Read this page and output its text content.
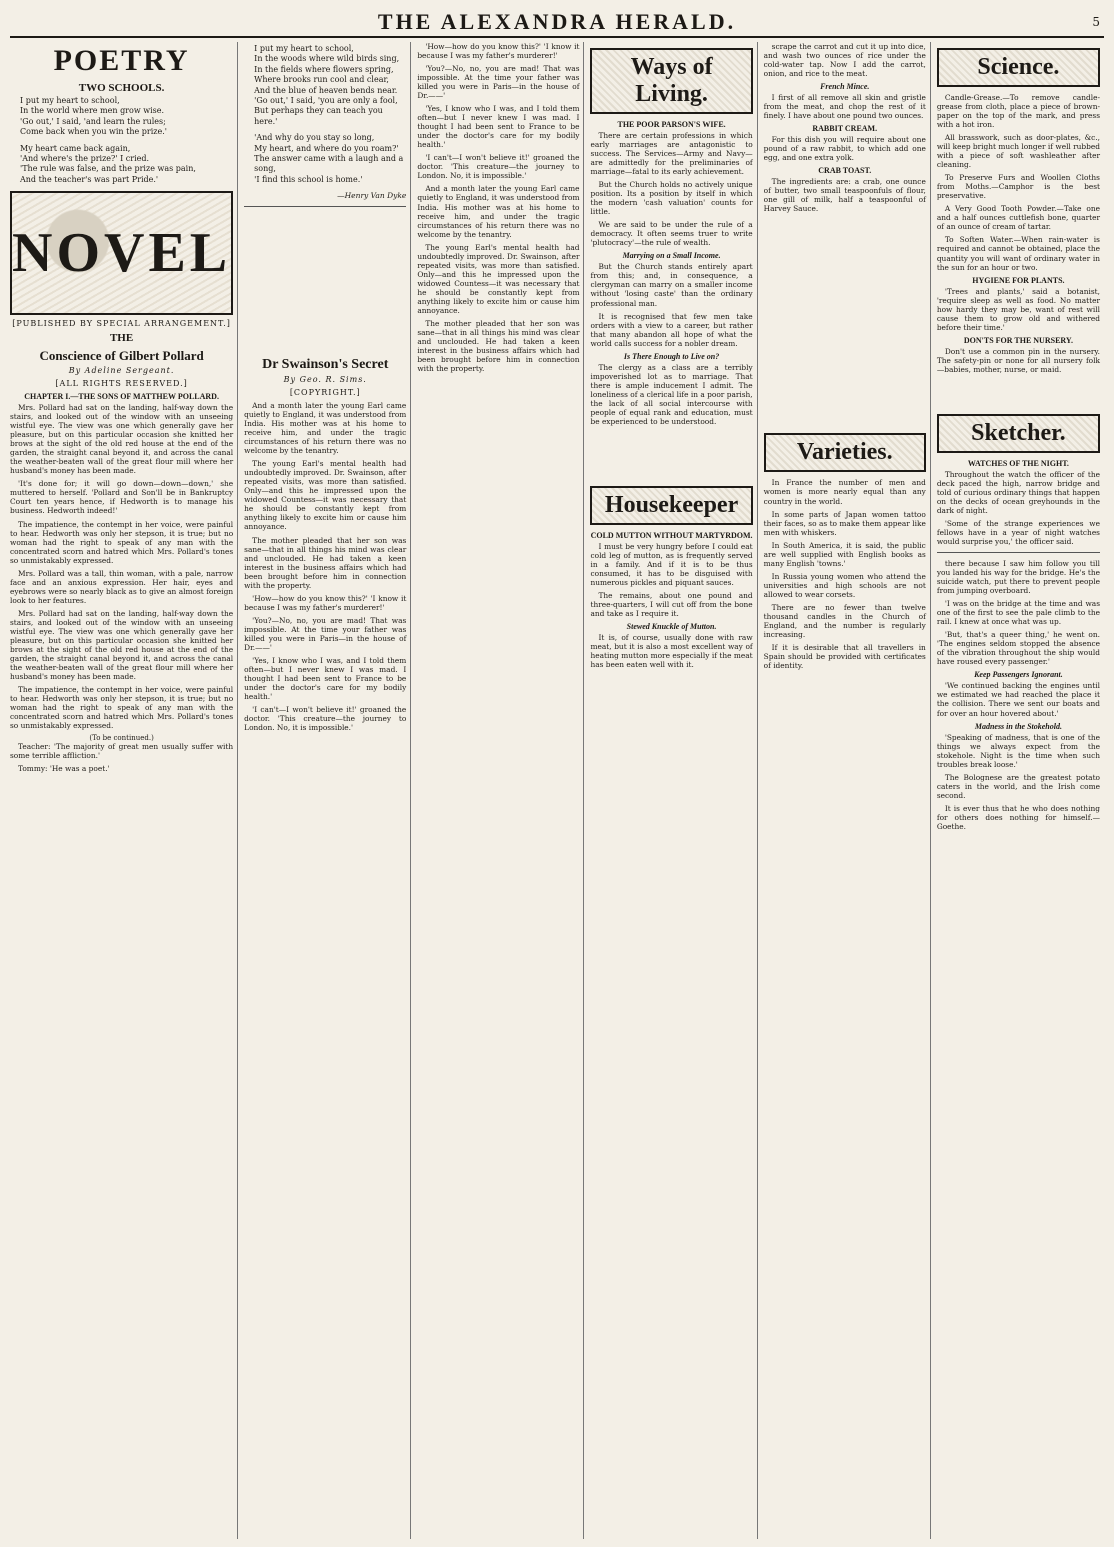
THE ALEXANDRA HERALD.	5
POETRY
TWO SCHOOLS.
I put my heart to school,
In the world where men grow wise.
'Go out,' I said, 'and learn the rules;
Come back when you win the prize.'
My heart came back again,
'And where's the prize?' I cried.
'The rule was false, and the prize was pain,
And the teacher's was part Pride.'
NOVEL
[PUBLISHED BY SPECIAL ARRANGEMENT.]
THE
Conscience of Gilbert Pollard
By Adeline Sergeant.
[ALL RIGHTS RESERVED.]
CHAPTER I.—THE SONS OF MATTHEW POLLARD.

Mrs. Pollard had sat on the landing, half-way down the stairs, and looked out of the window with an unseeing wistful eye. The view was one which generally gave her pleasure, but on this particular occasion she knitted her brows at the sight of the old red house at the end of the garden, the straight canal beyond it, and across the canal the weather-beaten wall of the great flour mill where her husband's money has been made.

'It's done for; it will go down—down—down,' she muttered to herself. 'Pollard and Son'll be in Bankruptcy Court ten years hence, if Hedworth is to manage his business. Hedworth indeed!'

The impatience, the contempt in her voice, were painful to hear. Hedworth was only her stepson, it is true; but no woman had the right to speak of any man with the concentrated scorn and hatred which Mrs. Pollard's tones so unmistakably expressed.

Mrs. Pollard was a tall, thin woman, with a pale, narrow face and an anxious expression. Her hair, eyes and eyebrows were so nearly black as to give an almost foreign look to her features.

Mrs. Pollard had sat on the landing, half-way down the stairs, and looked out of the window with an unseeing wistful eye. The view was one which generally gave her pleasure, but on this particular occasion she knitted her brows at the sight of the old red house at the end of the garden, the straight canal beyond it, and across the canal the weather-beaten wall of the great flour mill where her husband's money has been made.

The impatience, the contempt in her voice, were painful to hear. Hedworth was only her stepson, it is true; but no woman had the right to speak of any man with the concentrated scorn and hatred which Mrs. Pollard's tones so unmistakably expressed.

(To be continued.)

Teacher: 'The majority of great men usually suffer with some terrible affliction.'

Tommy: 'He was a poet.'

I put my heart to school,
In the woods where wild birds sing,
In the fields where flowers spring,
Where brooks run cool and clear,
And the blue of heaven bends near.
'Go out,' I said, 'you are only a fool,
But perhaps they can teach you here.'
'And why do you stay so long,
My heart, and where do you roam?'
The answer came with a laugh and a song,
'I find this school is home.'
—Henry Van Dyke
Dr Swainson's Secret
By Geo. R. Sims.
[COPYRIGHT.]

And a month later the young Earl came quietly to England, it was understood from India. His mother was at his home to receive him, and under the tragic circumstances of his return there was no welcome by the tenantry.

The young Earl's mental health had undoubtedly improved. Dr. Swainson, after repeated visits, was more than satisfied. Only—and this he impressed upon the widowed Countess—it was necessary that he should be constantly kept from anything likely to excite him or cause him annoyance.

The mother pleaded that her son was sane—that in all things his mind was clear and unclouded. He had taken a keen interest in the business affairs which had been brought before him in connection with the property.

'How—how do you know this?' 'I know it because I was my father's murderer!'

'You?—No, no, you are mad! That was impossible. At the time your father was killed you were in Paris—in the house of Dr.——'

'Yes, I know who I was, and I told them often—but I never knew I was mad. I thought I had been sent to France to be under the doctor's care for my bodily health.'

'I can't—I won't believe it!' groaned the doctor. 'This creature—the journey to London. No, it is impossible.'

'How—how do you know this?' 'I know it because I was my father's murderer!'

'You?—No, no, you are mad! That was impossible. At the time your father was killed you were in Paris—in the house of Dr.——'

'Yes, I know who I was, and I told them often—but I never knew I was mad. I thought I had been sent to France to be under the doctor's care for my bodily health.'

'I can't—I won't believe it!' groaned the doctor. 'This creature—the journey to London. No, it is impossible.'

And a month later the young Earl came quietly to England, it was understood from India. His mother was at his home to receive him, and under the tragic circumstances of his return there was no welcome by the tenantry.

The young Earl's mental health had undoubtedly improved. Dr. Swainson, after repeated visits, was more than satisfied. Only—and this he impressed upon the widowed Countess—it was necessary that he should be constantly kept from anything likely to excite him or cause him annoyance.

The mother pleaded that her son was sane—that in all things his mind was clear and unclouded. He had taken a keen interest in the business affairs which had been brought before him in connection with the property.

Ways of Living.
THE POOR PARSON'S WIFE.

There are certain professions in which early marriages are antagonistic to success. The Services—Army and Navy—are admittedly for the preliminaries of marriage—fatal to its early achievement.

But the Church holds no actively unique position. Its a position by itself in which the modern 'cash valuation' counts for little.

We are said to be under the rule of a democracy. It often seems truer to write 'plutocracy'—the rule of wealth.

Marrying on a Small Income.

But the Church stands entirely apart from this; and, in consequence, a clergyman can marry on a smaller income without 'losing caste' than the ordinary professional man.

It is recognised that few men take orders with a view to a career, but rather that many abandon all hope of what the world calls success for a nobler dream.

Is There Enough to Live on?

The clergy as a class are a terribly impoverished lot as to marriage. That there is ample inducement I admit. The loneliness of a clerical life in a poor parish, the lack of all social intercourse with people of equal rank and education, must be experienced to be understood.

Housekeeper
COLD MUTTON WITHOUT MARTYRDOM.

I must be very hungry before I could eat cold leg of mutton, as is frequently served in a family. And if it is to be thus consumed, it has to be disguised with numerous pickles and piquant sauces.

The remains, about one pound and three-quarters, I will cut off from the bone and take as I require it.

Stewed Knuckle of Mutton.

It is, of course, usually done with raw meat, but it is also a most excellent way of heating mutton more especially if the meat has been eaten well with it.

scrape the carrot and cut it up into dice, and wash two ounces of rice under the cold-water tap. Now I add the carrot, onion, and rice to the meat.

French Mince.

I first of all remove all skin and gristle from the meat, and chop the rest of it finely. I have about one pound two ounces.

RABBIT CREAM.

For this dish you will require about one pound of a raw rabbit, to which add one egg, and one extra yolk.

CRAB TOAST.

The ingredients are: a crab, one ounce of butter, two small teaspoonfuls of flour, one gill of milk, half a teaspoonful of Harvey Sauce.

Varieties.

In France the number of men and women is more nearly equal than any country in the world.

In some parts of Japan women tattoo their faces, so as to make them appear like men with whiskers.

In South America, it is said, the public are well supplied with English books as many English 'towns.'

In Russia young women who attend the universities and high schools are not allowed to wear corsets.

There are no fewer than twelve thousand candles in the Church of England, and the number is regularly increasing.

If it is desirable that all travellers in Spain should be provided with certificates of identity.

Science.

Candle-Grease.—To remove candle-grease from cloth, place a piece of brown-paper on the top of the mark, and press with a hot iron.

All brasswork, such as door-plates, &c., will keep bright much longer if well rubbed with a piece of soft washleather after cleaning.

To Preserve Furs and Woollen Cloths from Moths.—Camphor is the best preservative.

A Very Good Tooth Powder.—Take one and a half ounces cuttlefish bone, quarter of an ounce of cream of tartar.

To Soften Water.—When rain-water is required and cannot be obtained, place the quantity you will want of ordinary water in the sun for an hour or two.

HYGIENE FOR PLANTS.

'Trees and plants,' said a botanist, 'require sleep as well as food. No matter how hardy they may be, want of rest will cause them to grow old and withered before their time.'

DON'TS FOR THE NURSERY.

Don't use a common pin in the nursery. The safety-pin or none for all nursery folk—babies, mother, nurse, or maid.

Sketcher.
WATCHES OF THE NIGHT.

Throughout the watch the officer of the deck paced the high, narrow bridge and told of curious ordinary things that happen on the decks of ocean greyhounds in the dark of night.

'Some of the strange experiences we fellows have in a year of night watches would surprise you,' the officer said.

there because I saw him follow you till you landed his way for the bridge. He's the suicide watch, put there to prevent people from jumping overboard.

'I was on the bridge at the time and was one of the first to see the pale climb to the rail. I knew at once what was up.

'But, that's a queer thing,' he went on. 'The engines seldom stopped the absence of the vibration throughout the ship would have roused every passenger.'

Keep Passengers Ignorant.

'We continued backing the engines until we estimated we had reached the place it the collision. There we sent our boats and for over an hour hovered about.'

Madness in the Stokehold.

'Speaking of madness, that is one of the things we always expect from the stokehole. Night is the time when such troubles break loose.'

The Bolognese are the greatest potato caters in the world, and the Irish come second.

It is ever thus that he who does nothing for others does nothing for himself.—Goethe.
